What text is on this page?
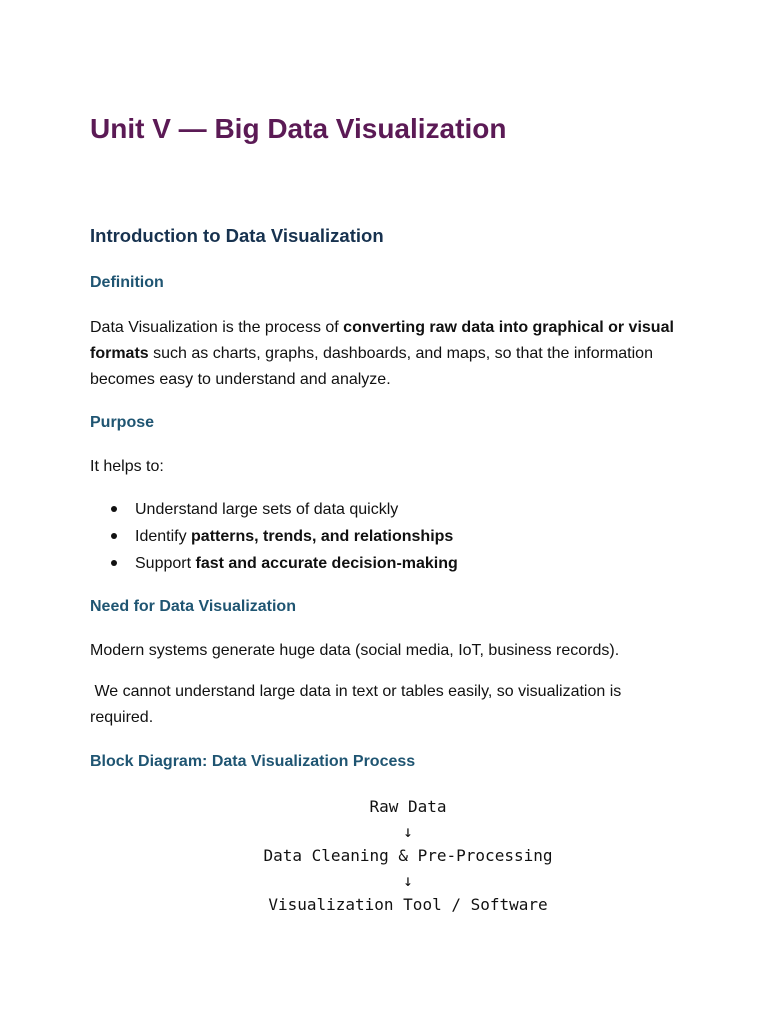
Unit V — Big Data Visualization
Introduction to Data Visualization
Definition

Data Visualization is the process of converting raw data into graphical or visual formats such as charts, graphs, dashboards, and maps, so that the information becomes easy to understand and analyze.

Purpose

It helps to:

Understand large sets of data quickly
Identify patterns, trends, and relationships
Support fast and accurate decision-making
Need for Data Visualization

Modern systems generate huge data (social media, IoT, business records).

We cannot understand large data in text or tables easily, so visualization is required.

Block Diagram: Data Visualization Process
Raw Data
↓
Data Cleaning & Pre-Processing
↓
Visualization Tool / Software
